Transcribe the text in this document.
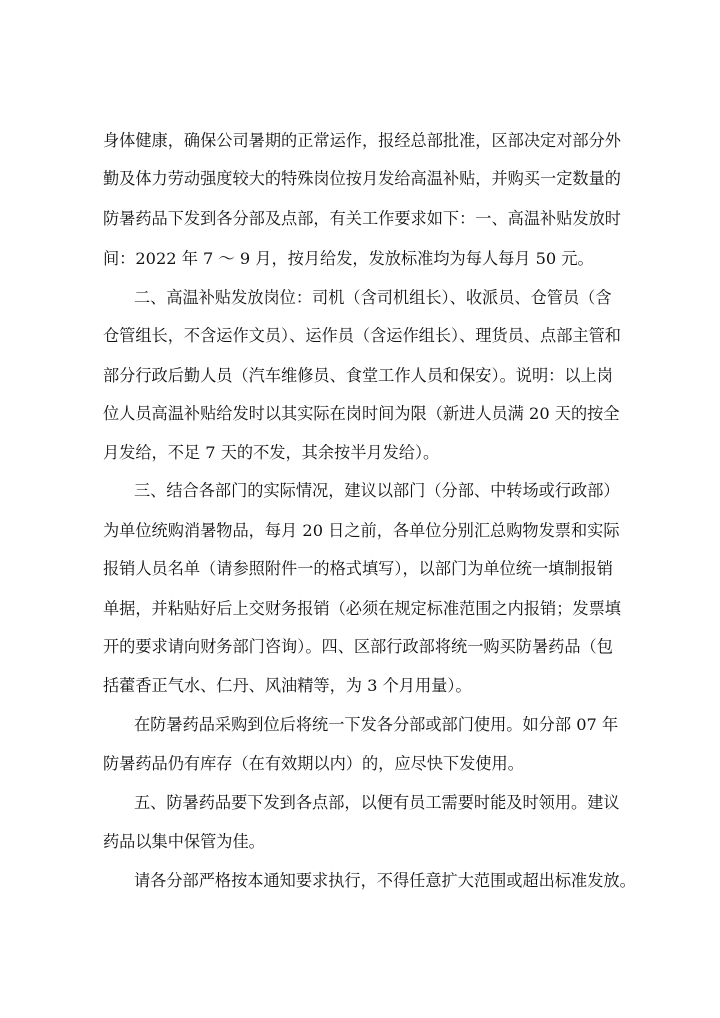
身体健康，确保公司暑期的正常运作，报经总部批准，区部决定对部分外
勤及体力劳动强度较大的特殊岗位按月发给高温补贴，并购买一定数量的
防暑药品下发到各分部及点部，有关工作要求如下：一、高温补贴发放时
间：2022 年 7 ～ 9 月，按月给发，发放标准均为每人每月 50 元。
二、高温补贴发放岗位：司机（含司机组长）、收派员、仓管员（含
仓管组长，不含运作文员）、运作员（含运作组长）、理货员、点部主管和
部分行政后勤人员（汽车维修员、食堂工作人员和保安）。说明：以上岗
位人员高温补贴给发时以其实际在岗时间为限（新进人员满 20 天的按全
月发给，不足 7 天的不发，其余按半月发给）。
三、结合各部门的实际情况，建议以部门（分部、中转场或行政部）
为单位统购消暑物品，每月 20 日之前，各单位分别汇总购物发票和实际
报销人员名单（请参照附件一的格式填写），以部门为单位统一填制报销
单据，并粘贴好后上交财务报销（必须在规定标准范围之内报销；发票填
开的要求请向财务部门咨询）。四、区部行政部将统一购买防暑药品（包
括藿香正气水、仁丹、风油精等，为 3 个月用量）。
在防暑药品采购到位后将统一下发各分部或部门使用。如分部 07 年
防暑药品仍有库存（在有效期以内）的，应尽快下发使用。
五、防暑药品要下发到各点部，以便有员工需要时能及时领用。建议
药品以集中保管为佳。
请各分部严格按本通知要求执行，不得任意扩大范围或超出标准发放。
